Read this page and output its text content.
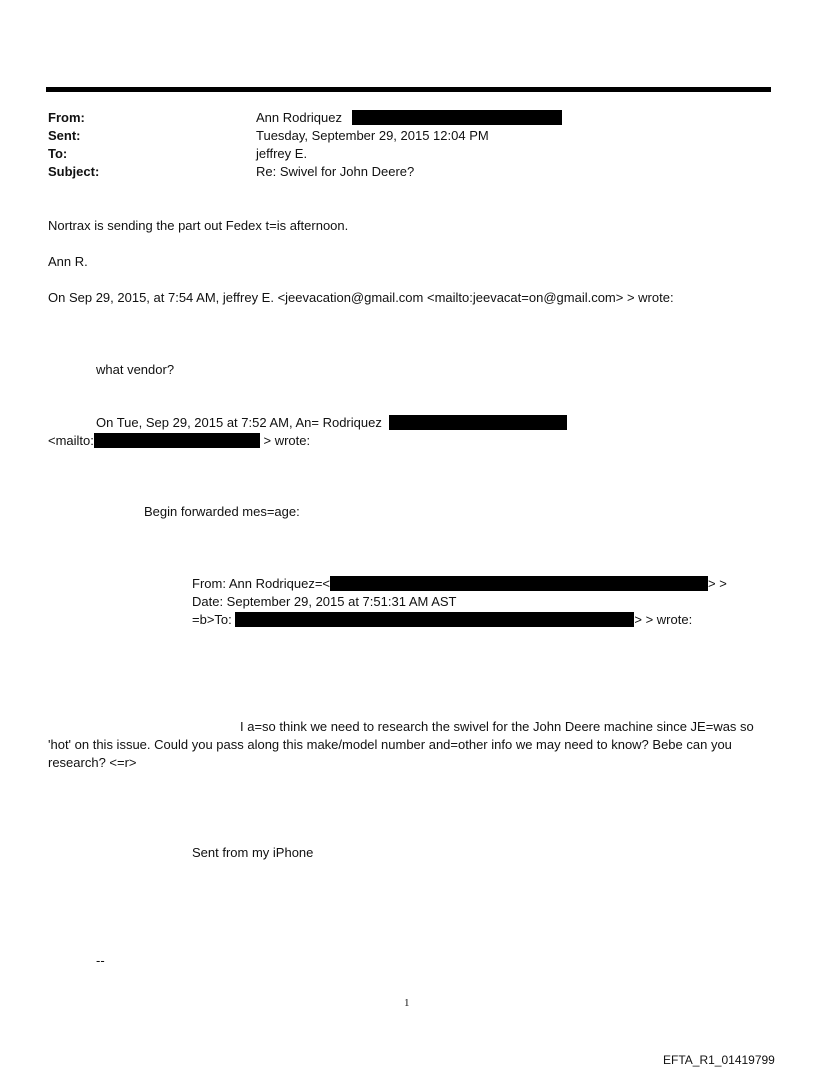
From:	Ann Rodriquez
Sent:	Tuesday, September 29, 2015 12:04 PM
To:	jeffrey E.
Subject:	Re: Swivel for John Deere?
Nortrax is sending the part out Fedex t=is afternoon.
Ann R.
On Sep 29, 2015, at 7:54 AM, jeffrey E. <jeevacation@gmail.com <mailto:jeevacat=on@gmail.com> > wrote:
what vendor?
On Tue, Sep 29, 2015 at 7:52 AM, An= Rodriquez
<mailto:	> wrote:
Begin forwarded mes=age:
From: Ann Rodriquez=<	> >
Date: September 29, 2015 at 7:51:31 AM AST
=b>To:	> > wrote:
I a=so think we need to research the swivel for the John Deere machine since JE=was so
'hot' on this issue. Could you pass along this make/model number and=other info we may need to know? Bebe can you
research? <=r>
Sent from my iPhone
--
1
EFTA_R1_01419799
